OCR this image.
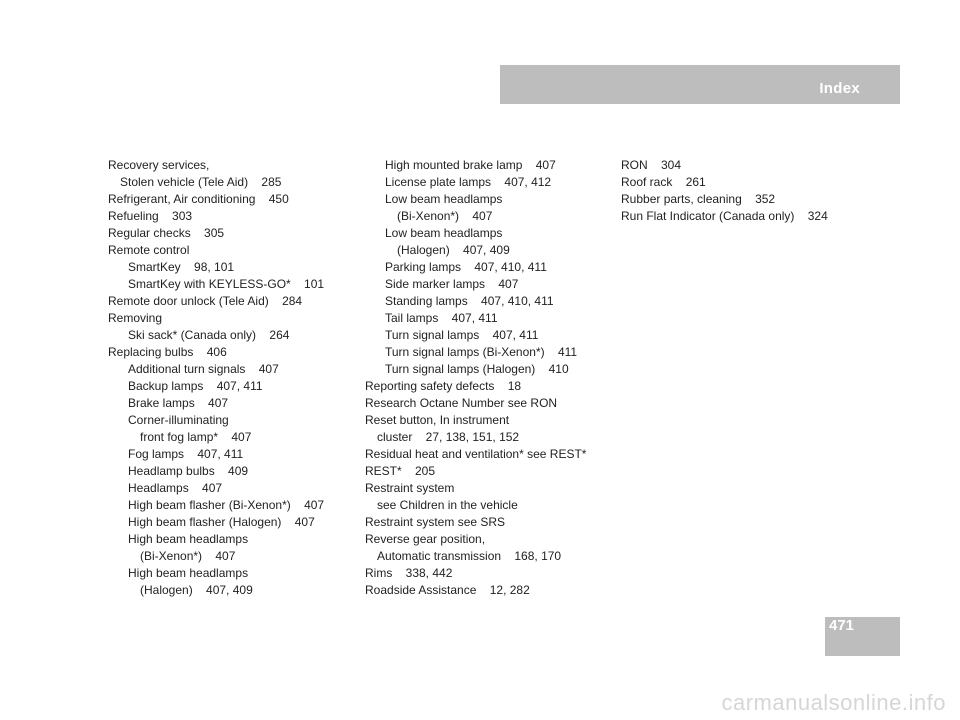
Index
Recovery services,
Stolen vehicle (Tele Aid)    285
Refrigerant, Air conditioning    450
Refueling    303
Regular checks    305
Remote control
SmartKey    98, 101
SmartKey with KEYLESS-GO*    101
Remote door unlock (Tele Aid)    284
Removing
Ski sack* (Canada only)    264
Replacing bulbs    406
Additional turn signals    407
Backup lamps    407, 411
Brake lamps    407
Corner-illuminating
front fog lamp*    407
Fog lamps    407, 411
Headlamp bulbs    409
Headlamps    407
High beam flasher (Bi-Xenon*)    407
High beam flasher (Halogen)    407
High beam headlamps
(Bi-Xenon*)    407
High beam headlamps
(Halogen)    407, 409
High mounted brake lamp    407
License plate lamps    407, 412
Low beam headlamps
(Bi-Xenon*)    407
Low beam headlamps
(Halogen)    407, 409
Parking lamps    407, 410, 411
Side marker lamps    407
Standing lamps    407, 410, 411
Tail lamps    407, 411
Turn signal lamps    407, 411
Turn signal lamps (Bi-Xenon*)    411
Turn signal lamps (Halogen)    410
Reporting safety defects    18
Research Octane Number see RON
Reset button, In instrument
cluster    27, 138, 151, 152
Residual heat and ventilation* see REST*
REST*    205
Restraint system
see Children in the vehicle
Restraint system see SRS
Reverse gear position,
Automatic transmission    168, 170
Rims    338, 442
Roadside Assistance    12, 282
RON    304
Roof rack    261
Rubber parts, cleaning    352
Run Flat Indicator (Canada only)    324
471
carmanualsonline.info
